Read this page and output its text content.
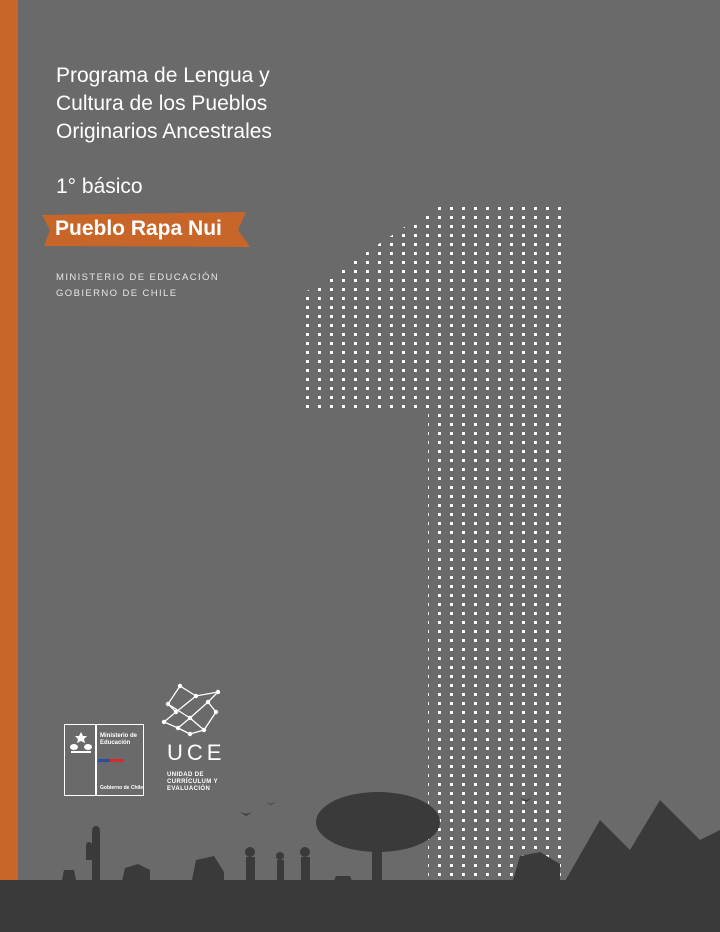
Programa de Lengua y
Cultura de los Pueblos
Originarios Ancestrales

1° básico

Pueblo Rapa Nui
MINISTERIO DE EDUCACIÓN
GOBIERNO DE CHILE
Ministerio de Educación
Gobierno de Chile
UCE
UNIDAD DE
CURRÍCULUM Y
EVALUACIÓN
